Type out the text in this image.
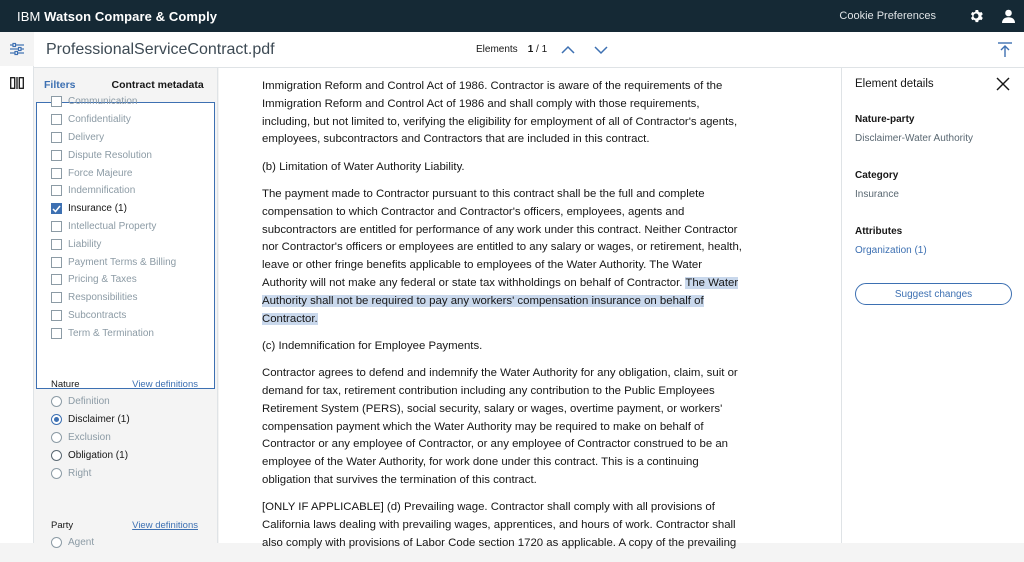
IBM Watson Compare & Comply	Cookie Preferences
ProfessionalServiceContract.pdf	Elements 1 / 1
Filters	Contract metadata
Communication
Confidentiality
Delivery
Dispute Resolution
Force Majeure
Indemnification
Insurance (1)
Intellectual Property
Liability
Payment Terms & Billing
Pricing & Taxes
Responsibilities
Subcontracts
Term & Termination
Nature	View definitions
Definition
Disclaimer (1)
Exclusion
Obligation (1)
Right
Party	View definitions
Agent

Immigration Reform and Control Act of 1986. Contractor is aware of the requirements of the Immigration Reform and Control Act of 1986 and shall comply with those requirements, including, but not limited to, verifying the eligibility for employment of all of Contractor's agents, employees, subcontractors and Contractors that are included in this contract.

(b) Limitation of Water Authority Liability.

The payment made to Contractor pursuant to this contract shall be the full and complete compensation to which Contractor and Contractor's officers, employees, agents and subcontractors are entitled for performance of any work under this contract. Neither Contractor nor Contractor's officers or employees are entitled to any salary or wages, or retirement, health, leave or other fringe benefits applicable to employees of the Water Authority. The Water Authority will not make any federal or state tax withholdings on behalf of Contractor. The Water Authority shall not be required to pay any workers' compensation insurance on behalf of Contractor.

(c) Indemnification for Employee Payments.

Contractor agrees to defend and indemnify the Water Authority for any obligation, claim, suit or demand for tax, retirement contribution including any contribution to the Public Employees Retirement System (PERS), social security, salary or wages, overtime payment, or workers' compensation payment which the Water Authority may be required to make on behalf of Contractor or any employee of Contractor, or any employee of Contractor construed to be an employee of the Water Authority, for work done under this contract. This is a continuing obligation that survives the termination of this contract.

[ONLY IF APPLICABLE] (d) Prevailing wage. Contractor shall comply with all provisions of California laws dealing with prevailing wages, apprentices, and hours of work. Contractor shall also comply with provisions of Labor Code section 1720 as applicable. A copy of the prevailing

Element details
Nature-party
Disclaimer-Water Authority
Category
Insurance
Attributes
Organization (1)
Suggest changes
